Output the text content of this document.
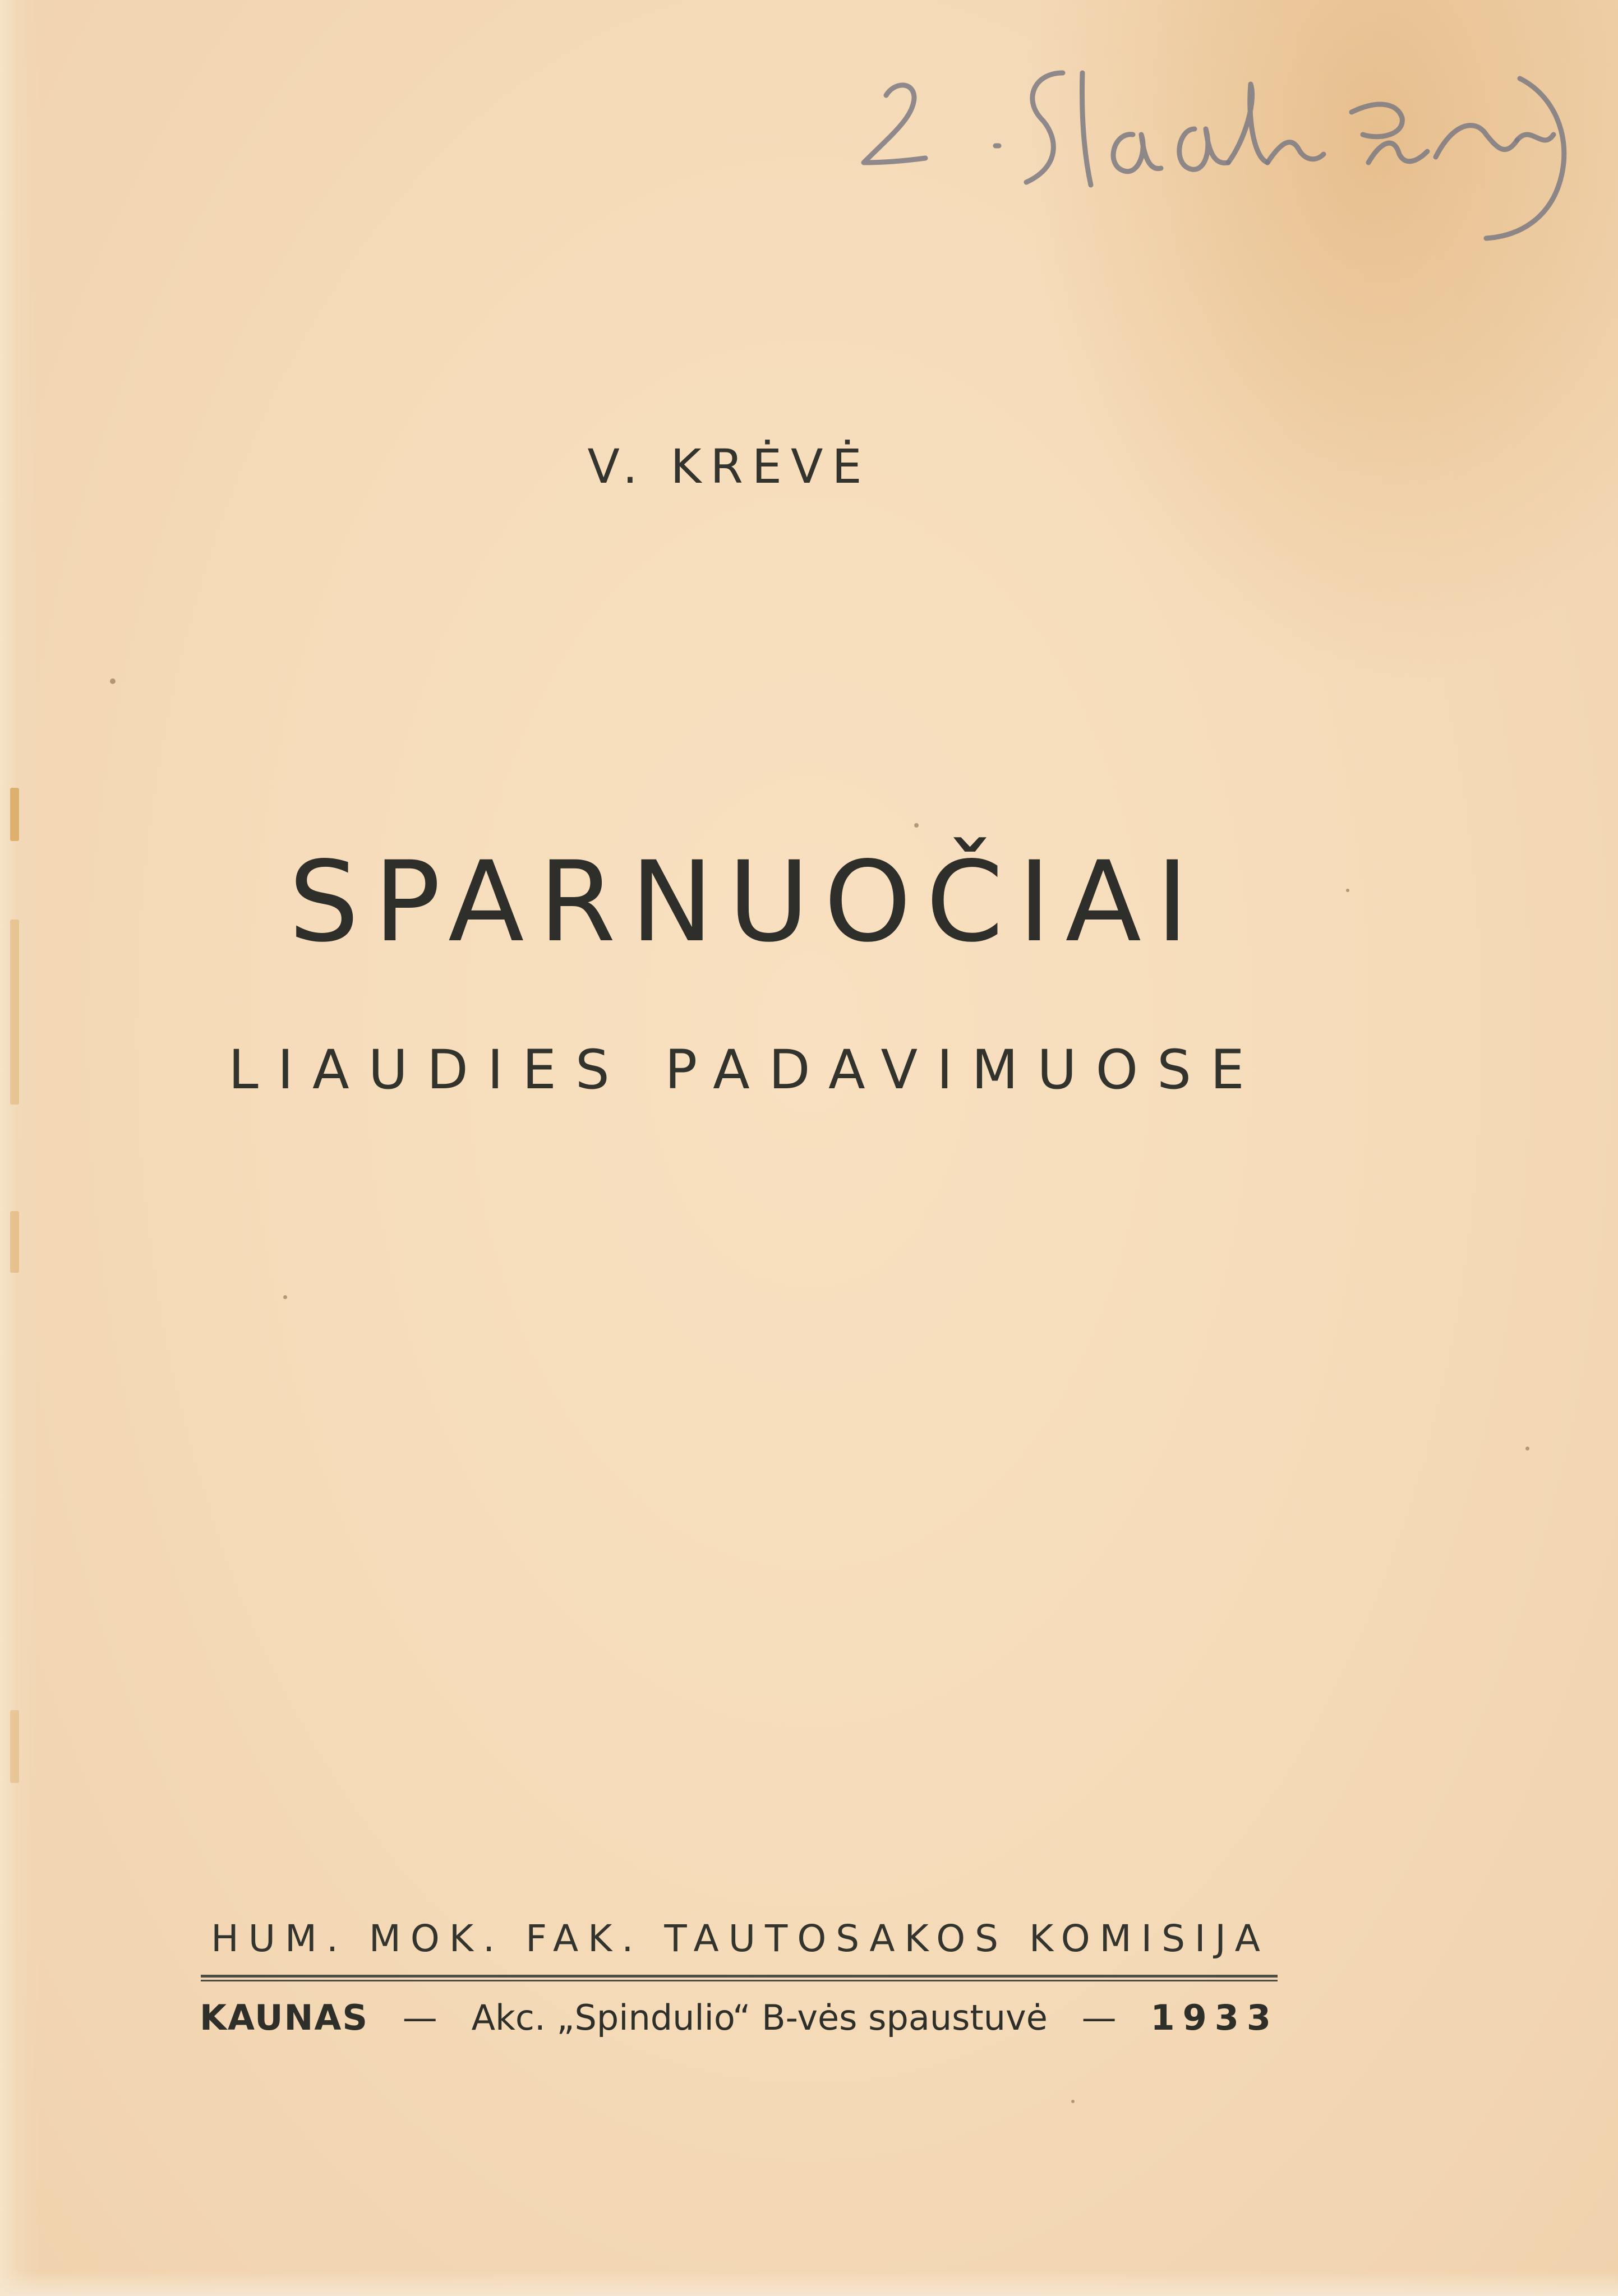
V. KRĖVĖ
SPARNUOČIAI
LIAUDIES PADAVIMUOSE
HUM. MOK. FAK. TAUTOSAKOS KOMISIJA
KAUNAS — Akc. „Spindulio“ B-vės spaustuvė — 1933
